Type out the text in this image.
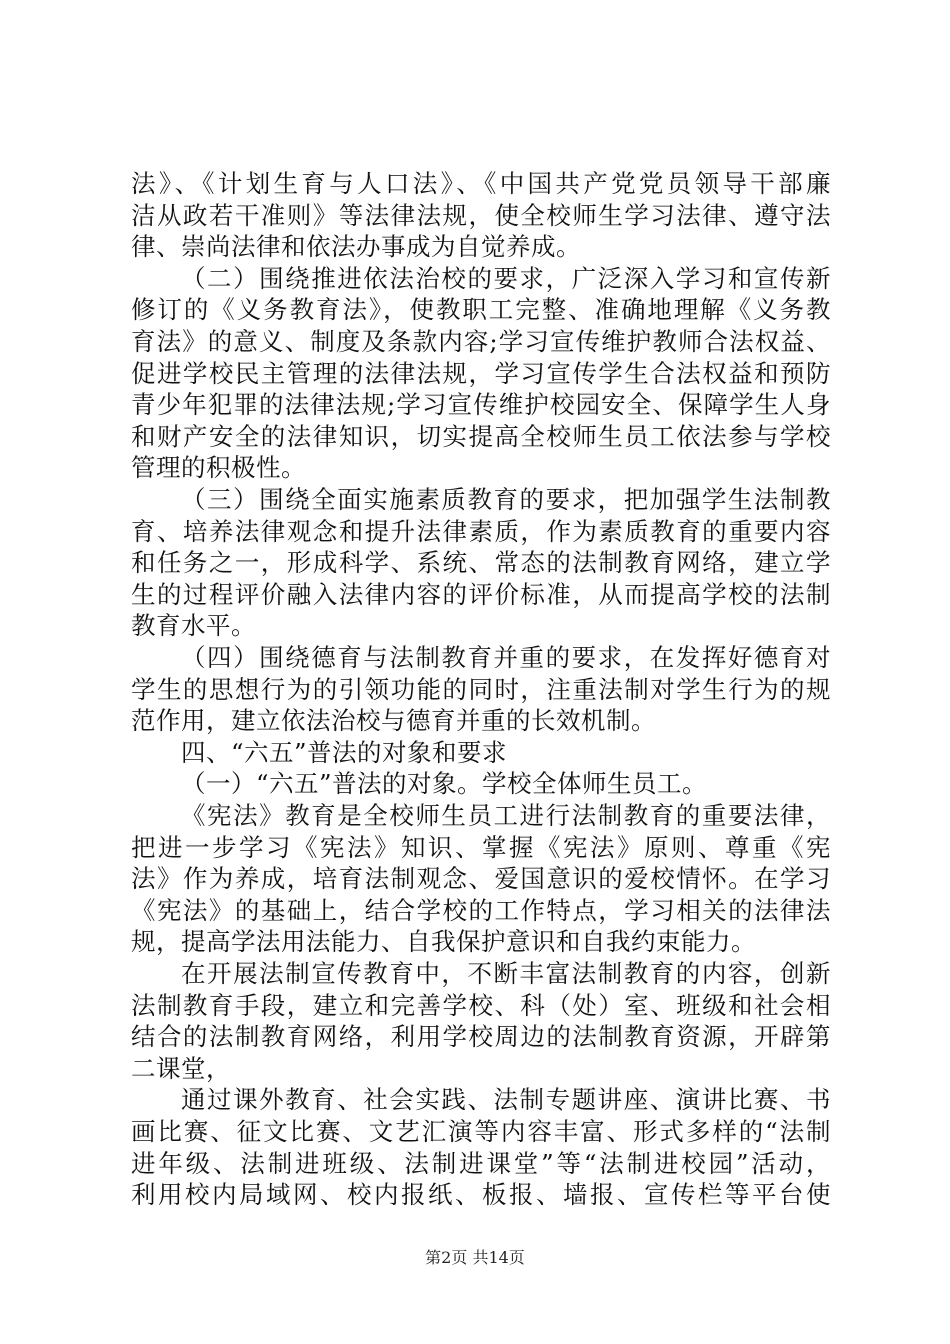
第2页 共14页
法》、《计划生育与人口法》、《中国共产党党员领导干部廉
洁从政若干准则》等法律法规，使全校师生学习法律、遵守法
律、崇尚法律和依法办事成为自觉养成。
（二）围绕推进依法治校的要求，广泛深入学习和宣传新
修订的《义务教育法》，使教职工完整、准确地理解《义务教
育法》的意义、制度及条款内容;学习宣传维护教师合法权益、
促进学校民主管理的法律法规，学习宣传学生合法权益和预防
青少年犯罪的法律法规;学习宣传维护校园安全、保障学生人身
和财产安全的法律知识，切实提高全校师生员工依法参与学校
管理的积极性。
（三）围绕全面实施素质教育的要求，把加强学生法制教
育、培养法律观念和提升法律素质，作为素质教育的重要内容
和任务之一，形成科学、系统、常态的法制教育网络，建立学
生的过程评价融入法律内容的评价标准，从而提高学校的法制
教育水平。
（四）围绕德育与法制教育并重的要求，在发挥好德育对
学生的思想行为的引领功能的同时，注重法制对学生行为的规
范作用，建立依法治校与德育并重的长效机制。
四、“六五”普法的对象和要求
（一）“六五”普法的对象。学校全体师生员工。
《宪法》教育是全校师生员工进行法制教育的重要法律，
把进一步学习《宪法》知识、掌握《宪法》原则、尊重《宪
法》作为养成，培育法制观念、爱国意识的爱校情怀。在学习
《宪法》的基础上，结合学校的工作特点，学习相关的法律法
规，提高学法用法能力、自我保护意识和自我约束能力。
在开展法制宣传教育中，不断丰富法制教育的内容，创新
法制教育手段，建立和完善学校、科（处）室、班级和社会相
结合的法制教育网络，利用学校周边的法制教育资源，开辟第
二课堂，
通过课外教育、社会实践、法制专题讲座、演讲比赛、书
画比赛、征文比赛、文艺汇演等内容丰富、形式多样的“法制
进年级、法制进班级、法制进课堂”等“法制进校园”活动，
利用校内局域网、校内报纸、板报、墙报、宣传栏等平台使
